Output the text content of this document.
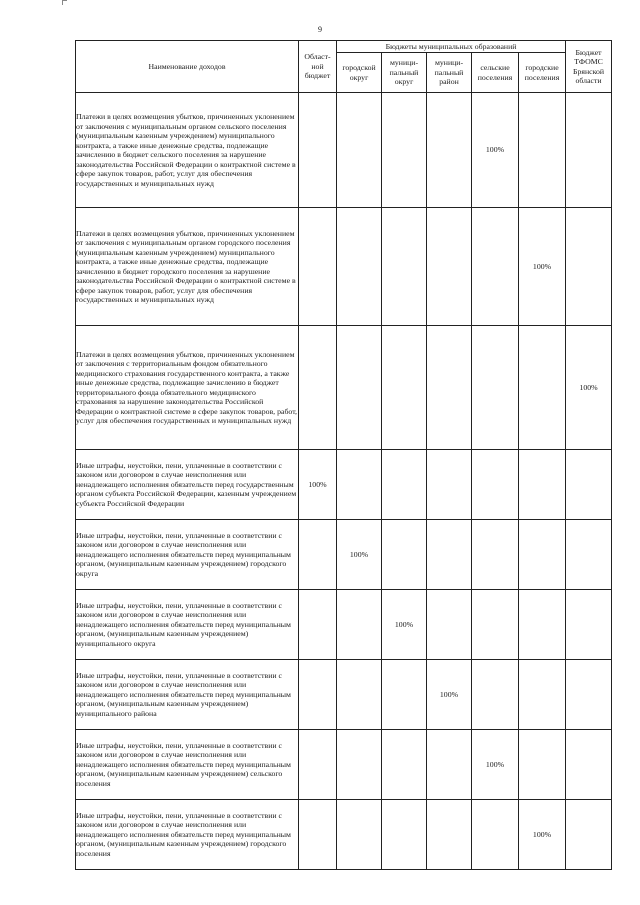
9
Наименование доходов	Област-ной бюджет	Бюджеты муниципальных образований					Бюджет ТФОМС Брянской области
		городской округ	муници-пальный округ	муници-пальный район	сельские поселения	городские поселения	
Платежи в целях возмещения убытков, причиненных уклонением от заключения с муниципальным органом сельского поселения (муниципальным казенным учреждением) муниципального контракта, а также иные денежные средства, подлежащие зачислению в бюджет сельского поселения за нарушение законодательства Российской Федерации о контрактной системе в сфере закупок товаров, работ, услуг для обеспечения государственных и муниципальных нужд					100%		
Платежи в целях возмещения убытков, причиненных уклонением от заключения с муниципальным органом городского поселения (муниципальным казенным учреждением) муниципального контракта, а также иные денежные средства, подлежащие зачислению в бюджет городского поселения за нарушение законодательства Российской Федерации о контрактной системе в сфере закупок товаров, работ, услуг для обеспечения государственных и муниципальных нужд						100%	
Платежи в целях возмещения убытков, причиненных уклонением от заключения с территориальным фондом обязательного медицинского страхования государственного контракта, а также иные денежные средства, подлежащие зачислению в бюджет территориального фонда обязательного медицинского страхования за нарушение законодательства Российской Федерации о контрактной системе в сфере закупок товаров, работ, услуг для обеспечения государственных и муниципальных нужд							100%
Иные штрафы, неустойки, пени, уплаченные в соответствии с законом или договором в случае неисполнения или ненадлежащего исполнения обязательств перед государственным органом субъекта Российской Федерации, казенным учреждением субъекта Российской Федерации	100%						
Иные штрафы, неустойки, пени, уплаченные в соответствии с законом или договором в случае неисполнения или ненадлежащего исполнения обязательств перед муниципальным органом, (муниципальным казенным учреждением) городского округа		100%					
Иные штрафы, неустойки, пени, уплаченные в соответствии с законом или договором в случае неисполнения или ненадлежащего исполнения обязательств перед муниципальным органом, (муниципальным казенным учреждением) муниципального округа			100%				
Иные штрафы, неустойки, пени, уплаченные в соответствии с законом или договором в случае неисполнения или ненадлежащего исполнения обязательств перед муниципальным органом, (муниципальным казенным учреждением) муниципального района				100%			
Иные штрафы, неустойки, пени, уплаченные в соответствии с законом или договором в случае неисполнения или ненадлежащего исполнения обязательств перед муниципальным органом, (муниципальным казенным учреждением) сельского поселения					100%		
Иные штрафы, неустойки, пени, уплаченные в соответствии с законом или договором в случае неисполнения или ненадлежащего исполнения обязательств перед муниципальным органом, (муниципальным казенным учреждением) городского поселения						100%	
